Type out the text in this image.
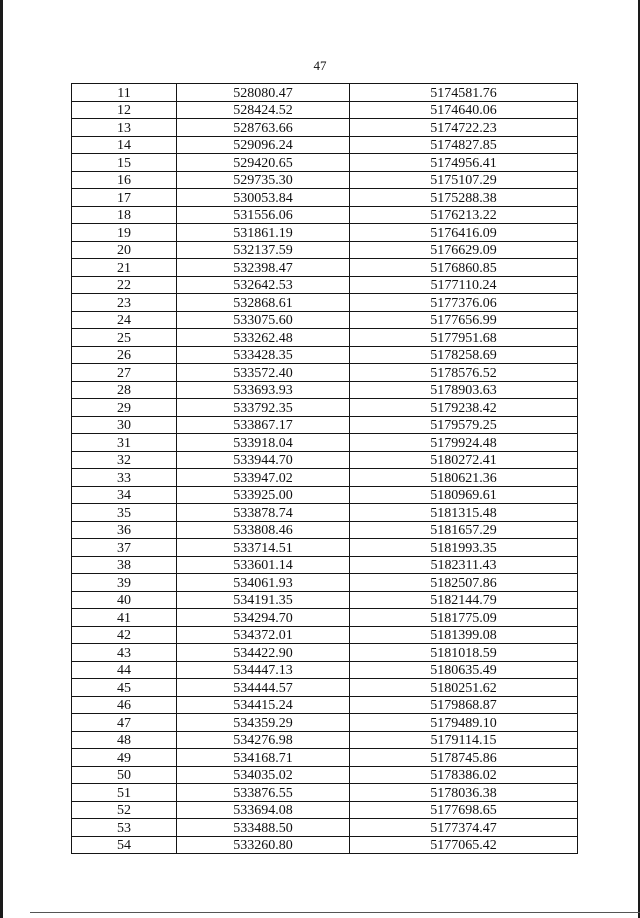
47
11	528080.47	5174581.76
12	528424.52	5174640.06
13	528763.66	5174722.23
14	529096.24	5174827.85
15	529420.65	5174956.41
16	529735.30	5175107.29
17	530053.84	5175288.38
18	531556.06	5176213.22
19	531861.19	5176416.09
20	532137.59	5176629.09
21	532398.47	5176860.85
22	532642.53	5177110.24
23	532868.61	5177376.06
24	533075.60	5177656.99
25	533262.48	5177951.68
26	533428.35	5178258.69
27	533572.40	5178576.52
28	533693.93	5178903.63
29	533792.35	5179238.42
30	533867.17	5179579.25
31	533918.04	5179924.48
32	533944.70	5180272.41
33	533947.02	5180621.36
34	533925.00	5180969.61
35	533878.74	5181315.48
36	533808.46	5181657.29
37	533714.51	5181993.35
38	533601.14	5182311.43
39	534061.93	5182507.86
40	534191.35	5182144.79
41	534294.70	5181775.09
42	534372.01	5181399.08
43	534422.90	5181018.59
44	534447.13	5180635.49
45	534444.57	5180251.62
46	534415.24	5179868.87
47	534359.29	5179489.10
48	534276.98	5179114.15
49	534168.71	5178745.86
50	534035.02	5178386.02
51	533876.55	5178036.38
52	533694.08	5177698.65
53	533488.50	5177374.47
54	533260.80	5177065.42
